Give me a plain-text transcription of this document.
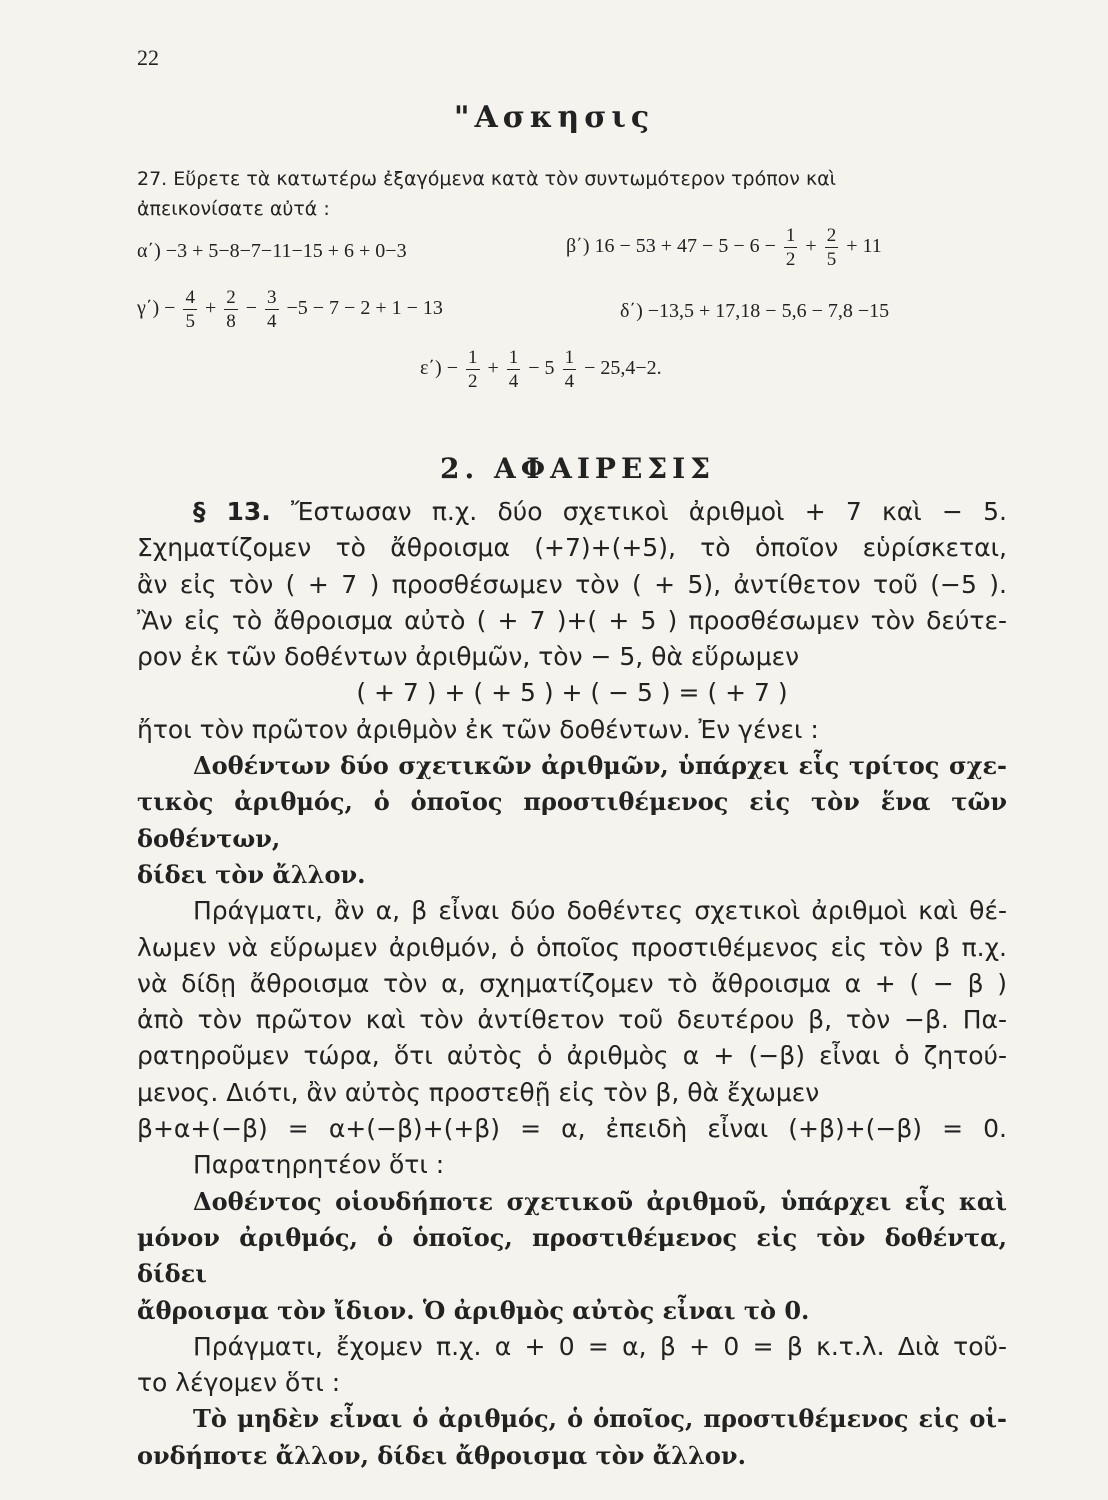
22
"Ασκησις
27. Εὕρετε τὰ κατωτέρω ἐξαγόμενα κατὰ τὸν συντωμότερον τρόπον καὶ
ἀπεικονίσατε αὐτά :
α΄) −3 + 5−8−7−11−15 + 6 + 0−3	β΄) $16 - 53 + 47 - 5 - 6 - \frac{1}{2} + \frac{2}{5} + 11$
$\gamma΄) - \frac{4}{5} + \frac{2}{8} - \frac{3}{4} -5 - 7 - 2 + 1 - 13$	δ΄) −13,5 + 17,18 − 5,6 − 7,8 −15
$\varepsilon΄) - \frac{1}{2} + \frac{1}{4} - 5 \frac{1}{4} - 25,4-2$.
2. ΑΦΑΙΡΕΣΙΣ

§ 13. Ἔστωσαν π.χ. δύο σχετικοὶ ἀριθμοὶ + 7 καὶ − 5.

Σχηματίζομεν τὸ ἄθροισμα (+7)+(+5), τὸ ὁποῖον εὑρίσκεται,

ἂν εἰς τὸν ( + 7 ) προσθέσωμεν τὸν ( + 5), ἀντίθετον τοῦ (−5 ).

Ἂν εἰς τὸ ἄθροισμα αὐτὸ ( + 7 )+( + 5 ) προσθέσωμεν τὸν δεύτε-

ρον ἐκ τῶν δοθέντων ἀριθμῶν, τὸν − 5, θὰ εὕρωμεν

( + 7 ) + ( + 5 ) + ( − 5 ) = ( + 7 )

ἤτοι τὸν πρῶτον ἀριθμὸν ἐκ τῶν δοθέντων. Ἐν γένει :

Δοθέντων δύο σχετικῶν ἀριθμῶν, ὑπάρχει εἷς τρίτος σχε-

τικὸς ἀριθμός, ὁ ὁποῖος προστιθέμενος εἰς τὸν ἕνα τῶν δοθέντων,

δίδει τὸν ἄλλον.

Πράγματι, ἂν α, β εἶναι δύο δοθέντες σχετικοὶ ἀριθμοὶ καὶ θέ-

λωμεν νὰ εὕρωμεν ἀριθμόν, ὁ ὁποῖος προστιθέμενος εἰς τὸν β π.χ.

νὰ δίδῃ ἄθροισμα τὸν α, σχηματίζομεν τὸ ἄθροισμα α + ( − β )

ἀπὸ τὸν πρῶτον καὶ τὸν ἀντίθετον τοῦ δευτέρου β, τὸν −β. Πα-

ρατηροῦμεν τώρα, ὅτι αὐτὸς ὁ ἀριθμὸς α + (−β) εἶναι ὁ ζητού-

μενος. Διότι, ἂν αὐτὸς προστεθῇ εἰς τὸν β, θὰ ἔχωμεν

β+α+(−β) = α+(−β)+(+β) = α, ἐπειδὴ εἶναι (+β)+(−β) = 0.

Παρατηρητέον ὅτι :

Δοθέντος οἱουδήποτε σχετικοῦ ἀριθμοῦ, ὑπάρχει εἷς καὶ

μόνον ἀριθμός, ὁ ὁποῖος, προστιθέμενος εἰς τὸν δοθέντα, δίδει

ἄθροισμα τὸν ἴδιον. Ὁ ἀριθμὸς αὐτὸς εἶναι τὸ 0.

Πράγματι, ἔχομεν π.χ. α + 0 = α, β + 0 = β κ.τ.λ. Διὰ τοῦ-

το λέγομεν ὅτι :

Τὸ μηδὲν εἶναι ὁ ἀριθμός, ὁ ὁποῖος, προστιθέμενος εἰς οἱ-

ονδήποτε ἄλλον, δίδει ἄθροισμα τὸν ἄλλον.
